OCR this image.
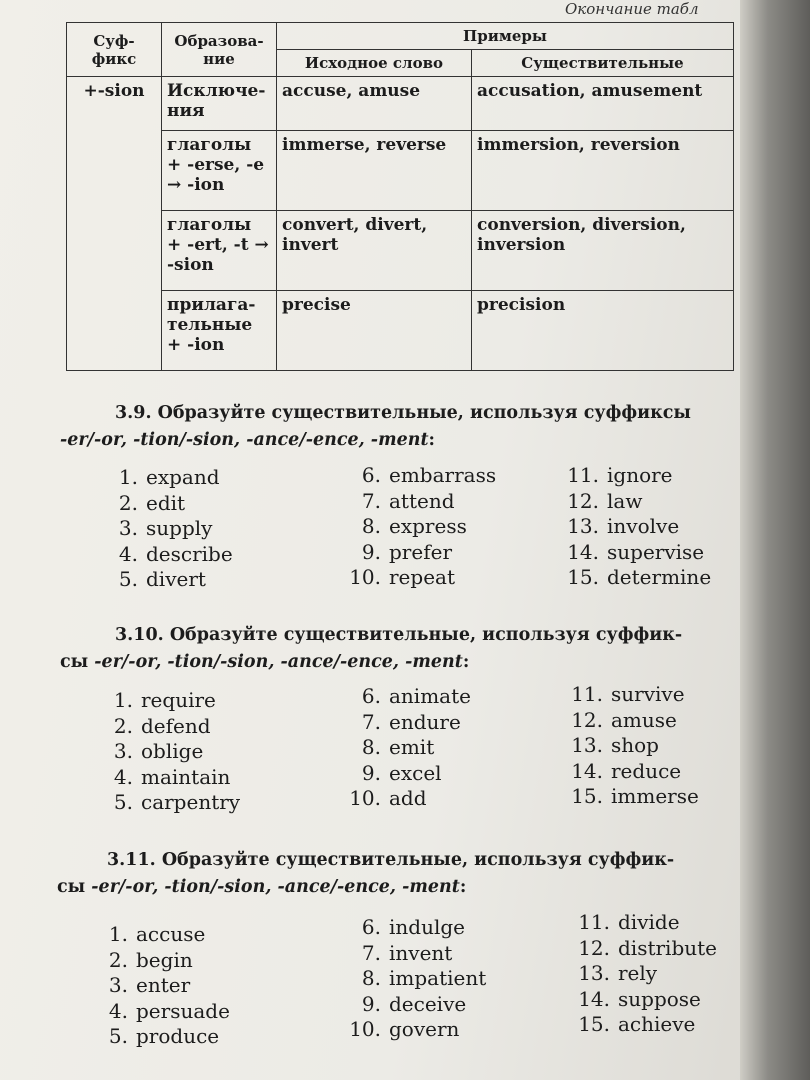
Окончание табл
Суф-фикс	Образова-ние	Примеры	
		Исходное слово	Существительные
+-sion	Исключе-ния	accuse, amuse	accusation, amusement
	глаголы + -erse, -e → -ion	immerse, reverse	immersion, reversion
	глаголы + -ert, -t → -sion	convert, divert, invert	conversion, diversion, inversion
	прилага-тельные + -ion	precise	precision
3.9. Образуйте существительные, используя суффиксы
-er/-or, -tion/-sion, -ance/-ence, -ment:
1. expand
2. edit
3. supply
4. describe
5. divert
6. embarrass
7. attend
8. express
9. prefer
10. repeat
11. ignore
12. law
13. involve
14. supervise
15. determine
3.10. Образуйте существительные, используя суффик-
сы -er/-or, -tion/-sion, -ance/-ence, -ment:
1. require
2. defend
3. oblige
4. maintain
5. carpentry
6. animate
7. endure
8. emit
9. excel
10. add
11. survive
12. amuse
13. shop
14. reduce
15. immerse
3.11. Образуйте существительные, используя суффик-
сы -er/-or, -tion/-sion, -ance/-ence, -ment:
1. accuse
2. begin
3. enter
4. persuade
5. produce
6. indulge
7. invent
8. impatient
9. deceive
10. govern
11. divide
12. distribute
13. rely
14. suppose
15. achieve
